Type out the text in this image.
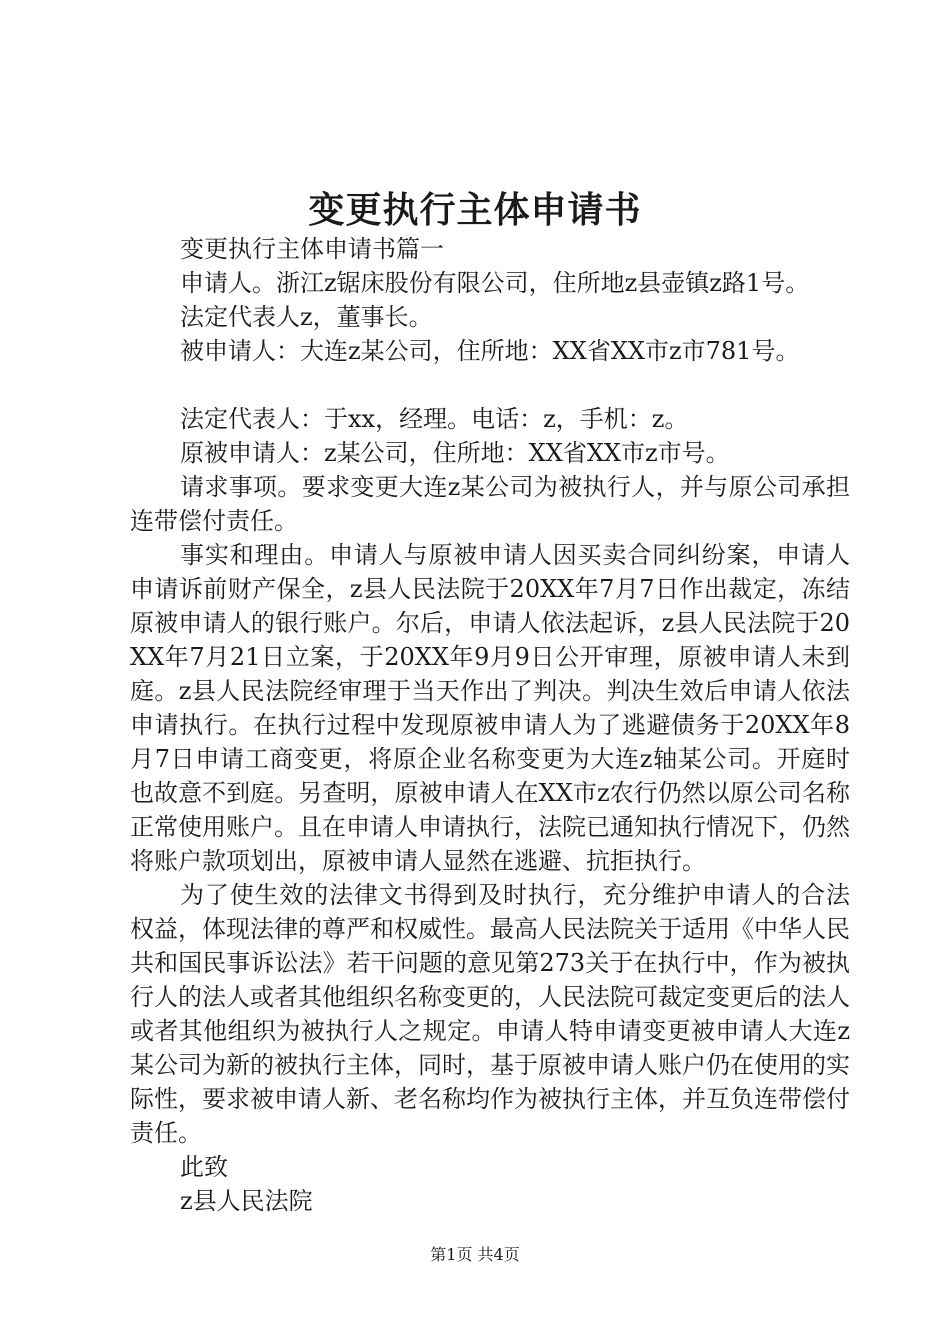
变更执行主体申请书

变更执行主体申请书篇一

申请人。浙江z锯床股份有限公司，住所地z县壶镇z路1号。

法定代表人z，董事长。

被申请人：大连z某公司，住所地：XX省XX市z市781号。

法定代表人：于xx，经理。电话：z，手机：z。

原被申请人：z某公司，住所地：XX省XX市z市号。

请求事项。要求变更大连z某公司为被执行人，并与原公司承担连带偿付责任。

事实和理由。申请人与原被申请人因买卖合同纠纷案，申请人申请诉前财产保全，z县人民法院于20XX年7月7日作出裁定，冻结原被申请人的银行账户。尔后，申请人依法起诉，z县人民法院于20XX年7月21日立案，于20XX年9月9日公开审理，原被申请人未到庭。z县人民法院经审理于当天作出了判决。判决生效后申请人依法申请执行。在执行过程中发现原被申请人为了逃避债务于20XX年8月7日申请工商变更，将原企业名称变更为大连z轴某公司。开庭时也故意不到庭。另查明，原被申请人在XX市z农行仍然以原公司名称正常使用账户。且在申请人申请执行，法院已通知执行情况下，仍然将账户款项划出，原被申请人显然在逃避、抗拒执行。

为了使生效的法律文书得到及时执行，充分维护申请人的合法权益，体现法律的尊严和权威性。最高人民法院关于适用《中华人民共和国民事诉讼法》若干问题的意见第273关于在执行中，作为被执行人的法人或者其他组织名称变更的，人民法院可裁定变更后的法人或者其他组织为被执行人之规定。申请人特申请变更被申请人大连z某公司为新的被执行主体，同时，基于原被申请人账户仍在使用的实际性，要求被申请人新、老名称均作为被执行主体，并互负连带偿付责任。

此致

z县人民法院

第1页 共4页
